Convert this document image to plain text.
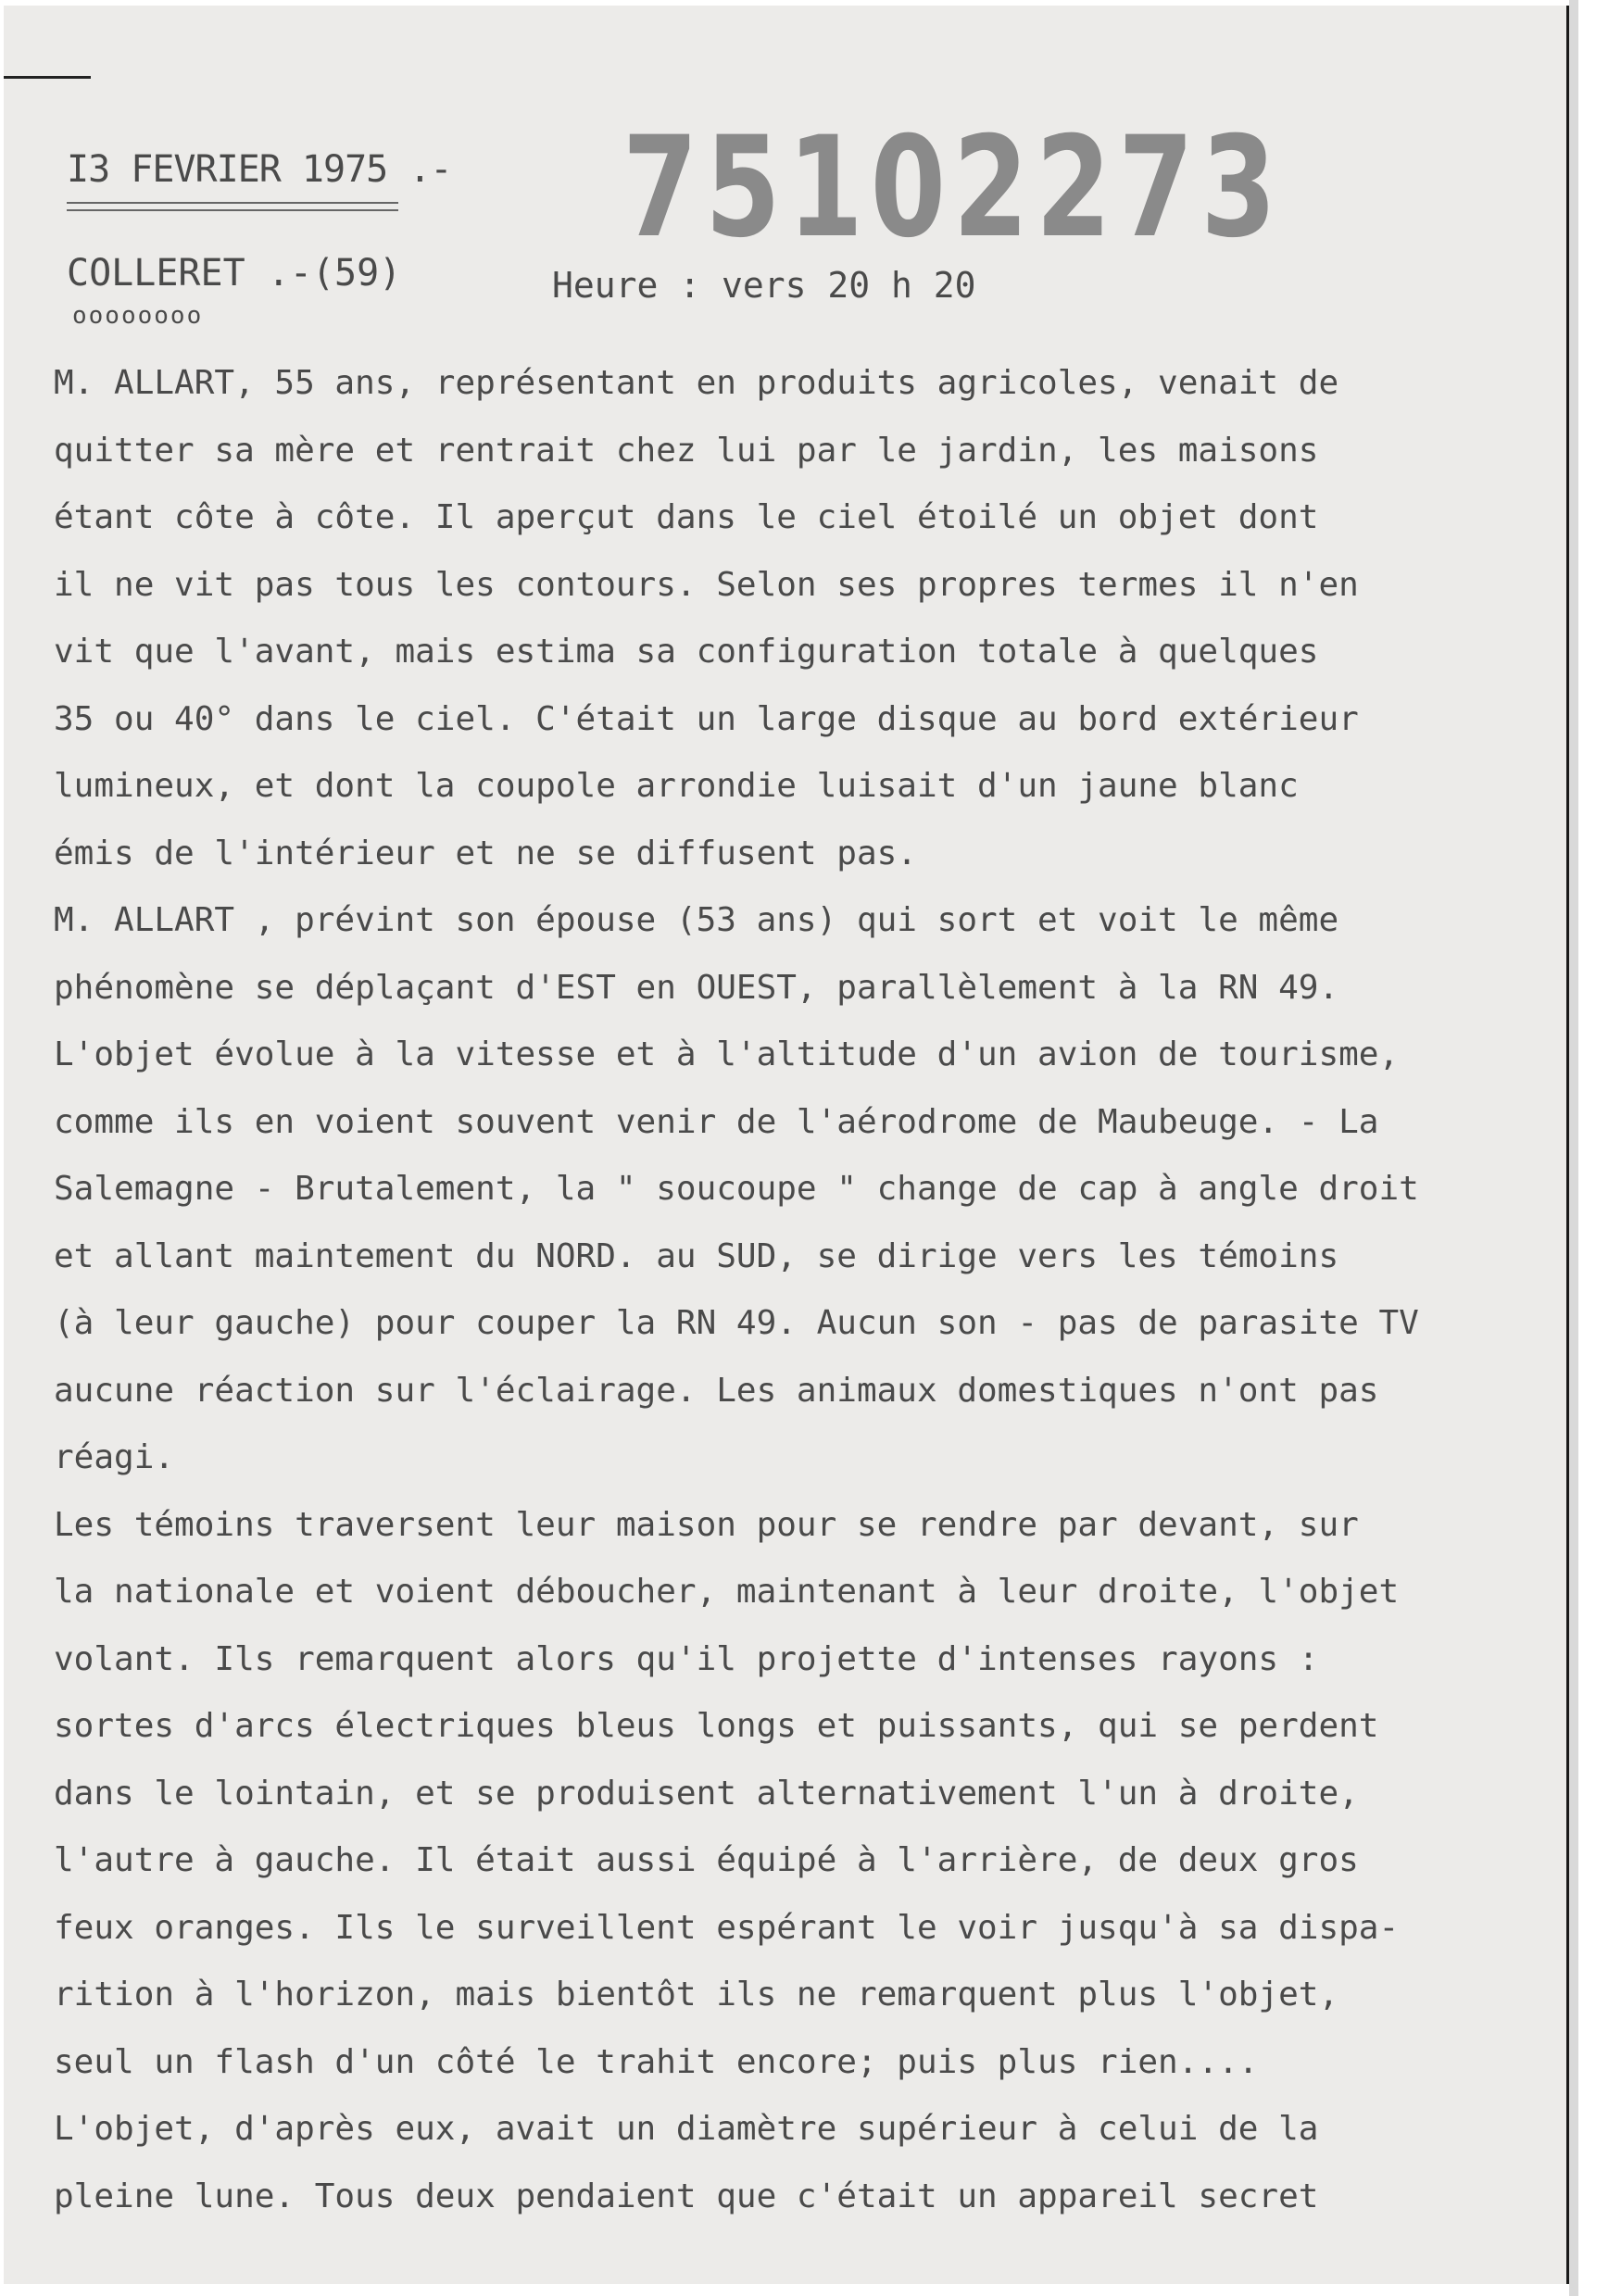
I3 FEVRIER 1975 .- 75102273
COLLERET .-(59)
oooooooo
Heure : vers 20 h 20
M. ALLART, 55 ans, représentant en produits agricoles, venait de
quitter sa mère et rentrait chez lui par le jardin, les maisons
étant côte à côte. Il aperçut dans le ciel étoilé un objet dont
il ne vit pas tous les contours. Selon ses propres termes il n'en
vit que l'avant, mais estima sa configuration totale à quelques
35 ou 40° dans le ciel. C'était un large disque au bord extérieur
lumineux, et dont la coupole arrondie luisait d'un jaune blanc
émis de l'intérieur et ne se diffusent pas.
M. ALLART , prévint son épouse (53 ans) qui sort et voit le même
phénomène se déplaçant d'EST en OUEST, parallèlement à la RN 49.
L'objet évolue à la vitesse et à l'altitude d'un avion de tourisme,
comme ils en voient souvent venir de l'aérodrome de Maubeuge. - La
Salemagne - Brutalement, la " soucoupe " change de cap à angle droit
et allant maintement du NORD. au SUD, se dirige vers les témoins
(à leur gauche) pour couper la RN 49. Aucun son - pas de parasite TV
aucune réaction sur l'éclairage. Les animaux domestiques n'ont pas
réagi.
Les témoins traversent leur maison pour se rendre par devant, sur
la nationale et voient déboucher, maintenant à leur droite, l'objet
volant. Ils remarquent alors qu'il projette d'intenses rayons :
sortes d'arcs électriques bleus longs et puissants, qui se perdent
dans le lointain, et se produisent alternativement l'un à droite,
l'autre à gauche. Il était aussi équipé à l'arrière, de deux gros
feux oranges. Ils le surveillent espérant le voir jusqu'à sa dispa-
rition à l'horizon, mais bientôt ils ne remarquent plus l'objet,
seul un flash d'un côté le trahit encore; puis plus rien....
L'objet, d'après eux, avait un diamètre supérieur à celui de la
pleine lune. Tous deux pendaient que c'était un appareil secret
